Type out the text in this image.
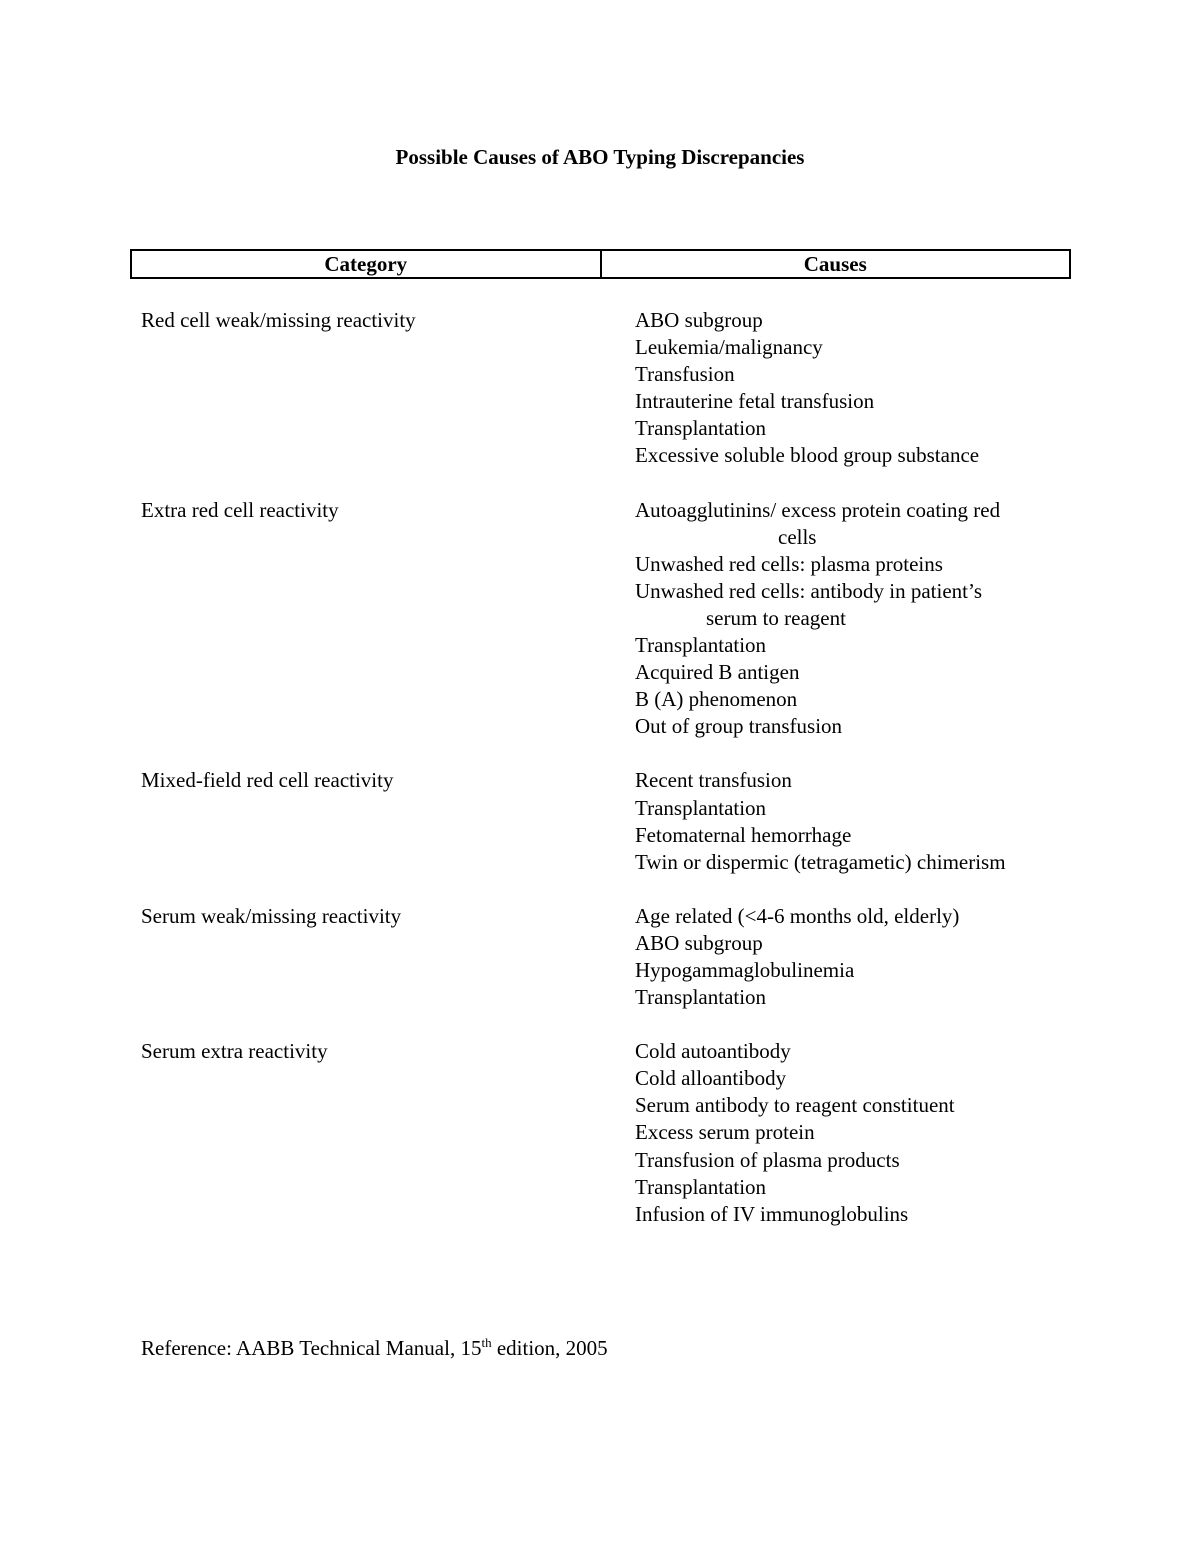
Possible Causes of ABO Typing Discrepancies
Category	Causes
Red cell weak/missing reactivity	ABO subgroup
Leukemia/malignancy
Transfusion
Intrauterine fetal transfusion
Transplantation
Excessive soluble blood group substance
Extra red cell reactivity	Autoagglutinins/ excess protein coating red
cells
Unwashed red cells: plasma proteins
Unwashed red cells: antibody in patient’s
serum to reagent
Transplantation
Acquired B antigen
B (A) phenomenon
Out of group transfusion
Mixed-field red cell reactivity	Recent transfusion
Transplantation
Fetomaternal hemorrhage
Twin or dispermic (tetragametic) chimerism
Serum weak/missing reactivity	Age related (<4-6 months old, elderly)
ABO subgroup
Hypogammaglobulinemia
Transplantation
Serum extra reactivity	Cold autoantibody
Cold alloantibody
Serum antibody to reagent constituent
Excess serum protein
Transfusion of plasma products
Transplantation
Infusion of IV immunoglobulins
Reference: AABB Technical Manual, 15th edition, 2005
